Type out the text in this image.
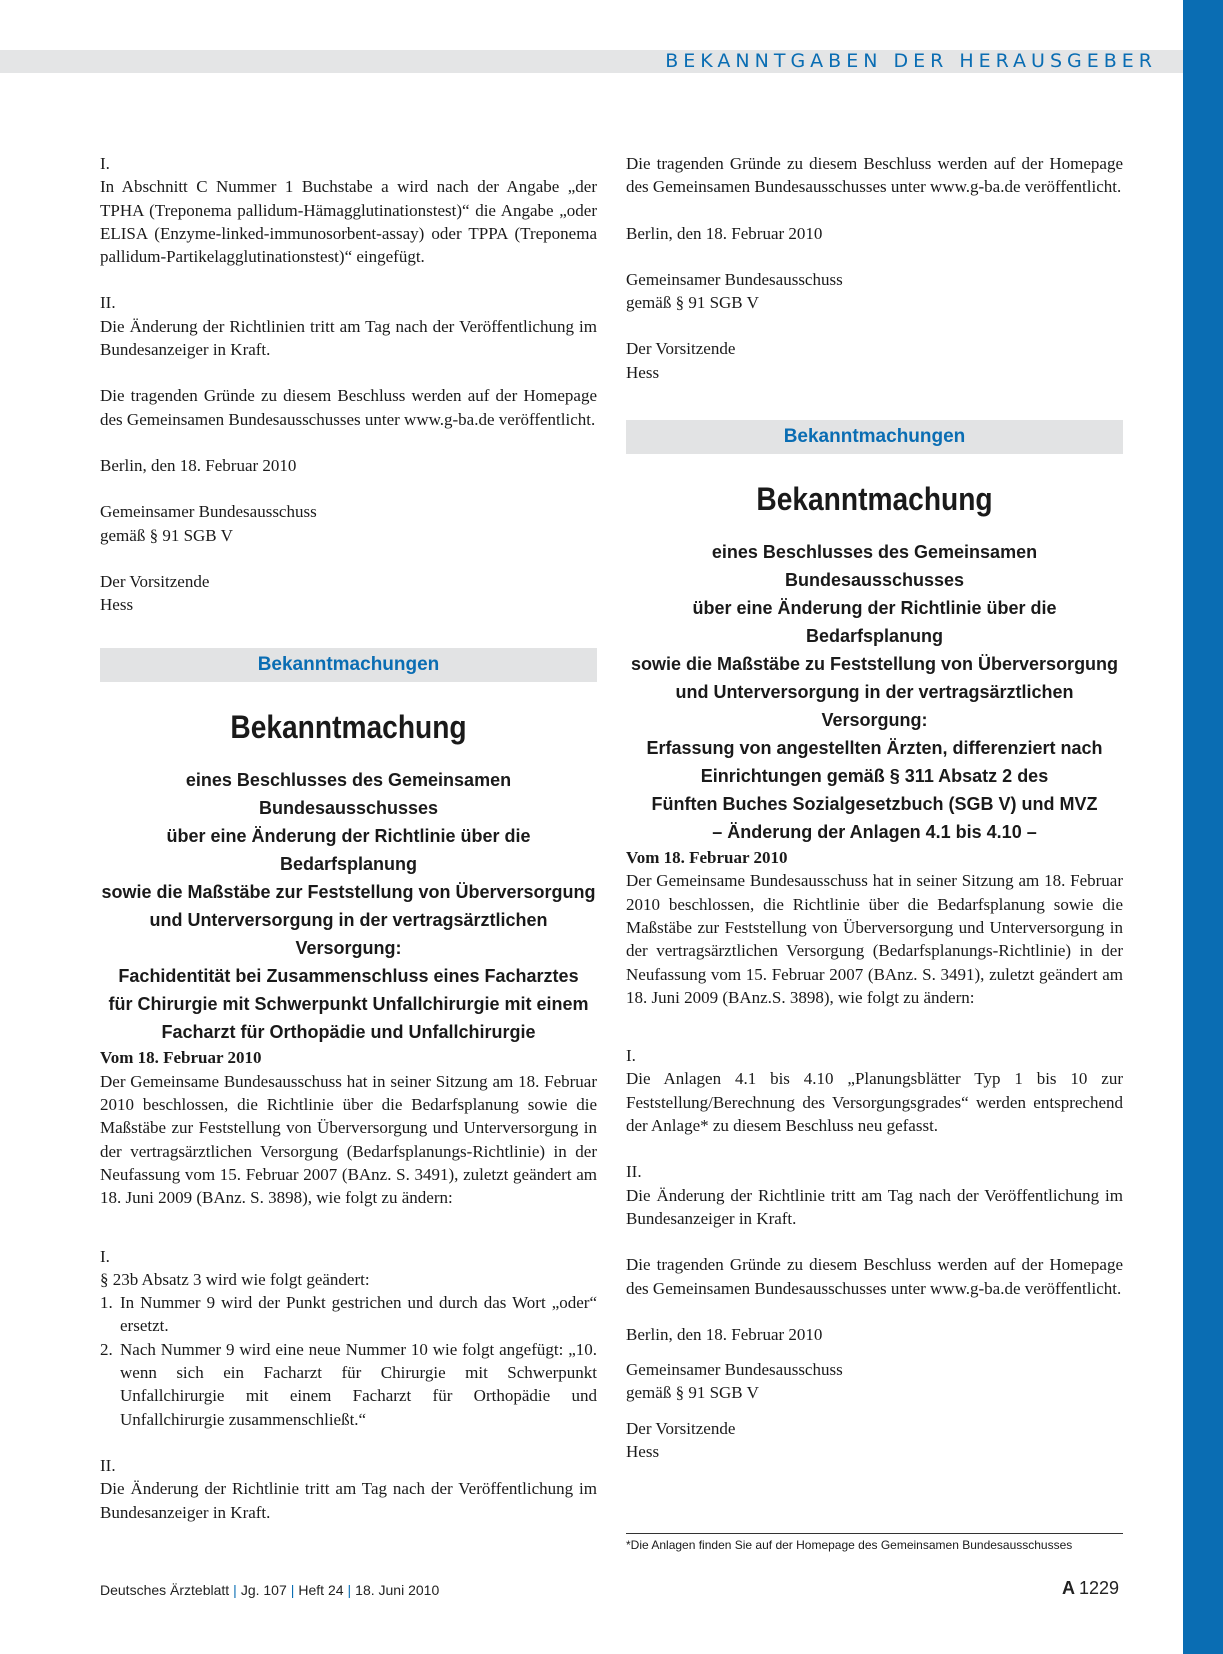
BEKANNTGABEN DER HERAUSGEBER

I.

In Abschnitt C Nummer 1 Buchstabe a wird nach der Angabe „der TPHA (Treponema pallidum-Hämagglutinationstest)“ die Angabe „oder ELISA (Enzyme-linked-immunosorbent-assay) oder TPPA (Treponema pallidum-Partikelagglutinationstest)“ eingefügt.

II.

Die Änderung der Richtlinien tritt am Tag nach der Veröffentlichung im Bundesanzeiger in Kraft.

Die tragenden Gründe zu diesem Beschluss werden auf der Homepage des Gemeinsamen Bundesausschusses unter www.g-ba.de veröffentlicht.

Berlin, den 18. Februar 2010

Gemeinsamer Bundesausschuss

gemäß § 91 SGB V

Der Vorsitzende

Hess

Bekanntmachungen
Bekanntmachung
eines Beschlusses des Gemeinsamen Bundesausschusses
über eine Änderung der Richtlinie über die Bedarfsplanung
sowie die Maßstäbe zur Feststellung von Überversorgung
und Unterversorgung in der vertragsärztlichen Versorgung:
Fachidentität bei Zusammenschluss eines Facharztes
für Chirurgie mit Schwerpunkt Unfallchirurgie mit einem
Facharzt für Orthopädie und Unfallchirurgie

Vom 18. Februar 2010

Der Gemeinsame Bundesausschuss hat in seiner Sitzung am 18. Februar 2010 beschlossen, die Richtlinie über die Bedarfsplanung sowie die Maßstäbe zur Feststellung von Überversorgung und Unterversorgung in der vertragsärztlichen Versorgung (Bedarfsplanungs-Richtlinie) in der Neufassung vom 15. Februar 2007 (BAnz. S. 3491), zuletzt geändert am 18. Juni 2009 (BAnz. S. 3898), wie folgt zu ändern:

I.

§ 23b Absatz 3 wird wie folgt geändert:

1. In Nummer 9 wird der Punkt gestrichen und durch das Wort „oder“ ersetzt.
2. Nach Nummer 9 wird eine neue Nummer 10 wie folgt angefügt: „10. wenn sich ein Facharzt für Chirurgie mit Schwerpunkt Unfallchirurgie mit einem Facharzt für Orthopädie und Unfallchirurgie zusammenschließt.“

II.

Die Änderung der Richtlinie tritt am Tag nach der Veröffentlichung im Bundesanzeiger in Kraft.

Die tragenden Gründe zu diesem Beschluss werden auf der Homepage des Gemeinsamen Bundesausschusses unter www.g-ba.de veröffentlicht.

Berlin, den 18. Februar 2010

Gemeinsamer Bundesausschuss

gemäß § 91 SGB V

Der Vorsitzende

Hess

Bekanntmachungen
Bekanntmachung
eines Beschlusses des Gemeinsamen Bundesausschusses
über eine Änderung der Richtlinie über die Bedarfsplanung
sowie die Maßstäbe zu Feststellung von Überversorgung
und Unterversorgung in der vertragsärztlichen Versorgung:
Erfassung von angestellten Ärzten, differenziert nach
Einrichtungen gemäß § 311 Absatz 2 des
Fünften Buches Sozialgesetzbuch (SGB V) und MVZ
– Änderung der Anlagen 4.1 bis 4.10 –

Vom 18. Februar 2010

Der Gemeinsame Bundesausschuss hat in seiner Sitzung am 18. Februar 2010 beschlossen, die Richtlinie über die Bedarfsplanung sowie die Maßstäbe zur Feststellung von Überversorgung und Unterversorgung in der vertragsärztlichen Versorgung (Bedarfsplanungs-Richtlinie) in der Neufassung vom 15. Februar 2007 (BAnz. S. 3491), zuletzt geändert am 18. Juni 2009 (BAnz.S. 3898), wie folgt zu ändern:

I.

Die Anlagen 4.1 bis 4.10 „Planungsblätter Typ 1 bis 10 zur Feststellung/Berechnung des Versorgungsgrades“ werden entsprechend der Anlage* zu diesem Beschluss neu gefasst.

II.

Die Änderung der Richtlinie tritt am Tag nach der Veröffentlichung im Bundesanzeiger in Kraft.

Die tragenden Gründe zu diesem Beschluss werden auf der Homepage des Gemeinsamen Bundesausschusses unter www.g-ba.de veröffentlicht.

Berlin, den 18. Februar 2010

Gemeinsamer Bundesausschuss

gemäß § 91 SGB V

Der Vorsitzende

Hess

*Die Anlagen finden Sie auf der Homepage des Gemeinsamen Bundesausschusses
Deutsches Ärzteblatt | Jg. 107 | Heft 24 | 18. Juni 2010	A 1229
